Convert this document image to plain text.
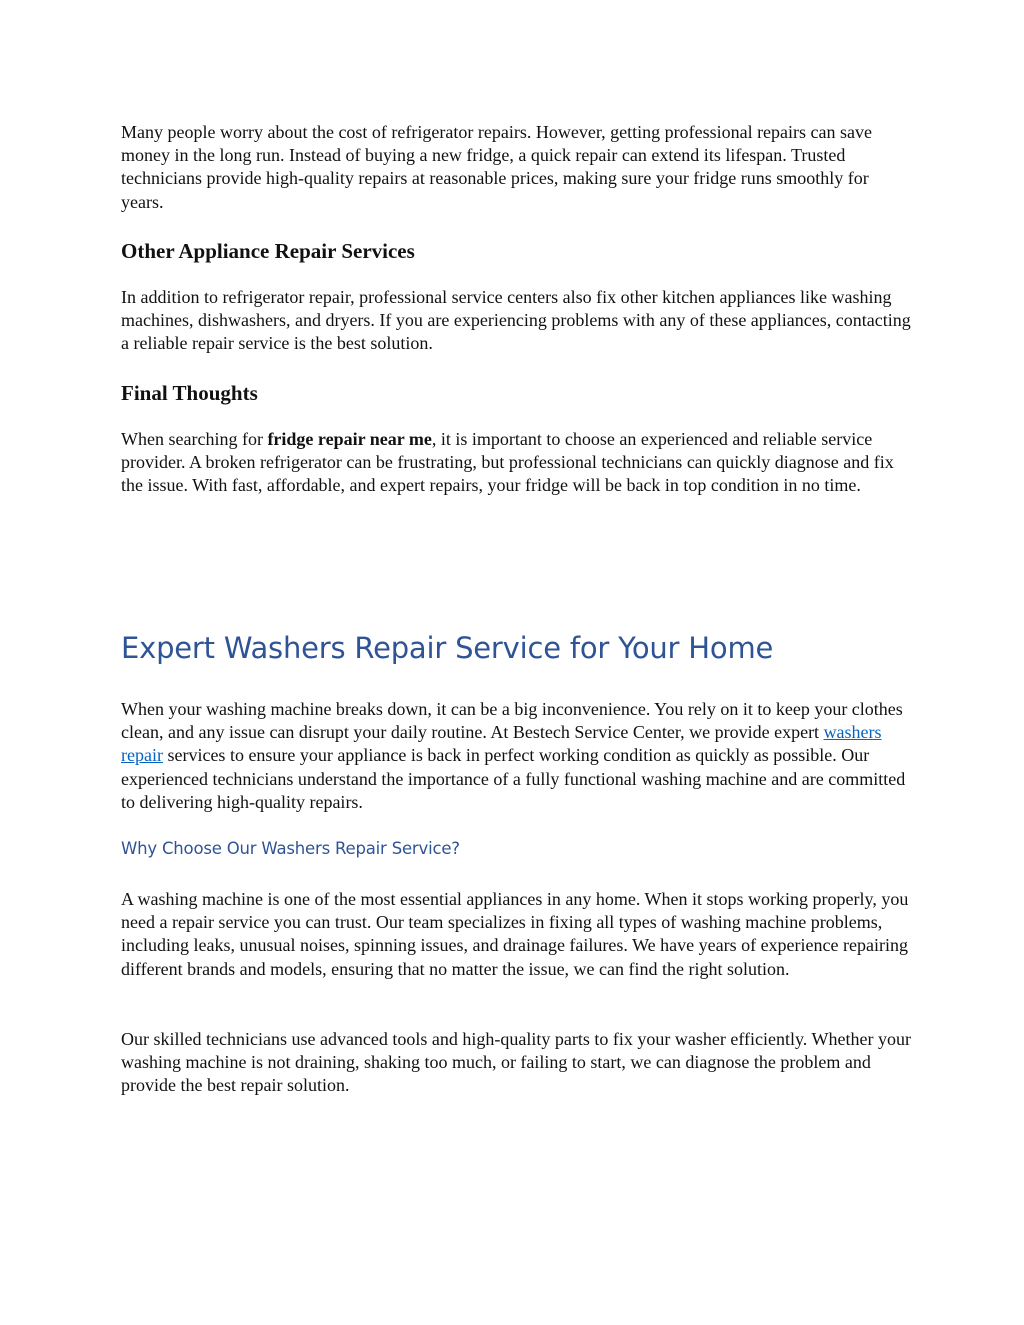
Many people worry about the cost of refrigerator repairs. However, getting professional repairs can save money in the long run. Instead of buying a new fridge, a quick repair can extend its lifespan. Trusted technicians provide high-quality repairs at reasonable prices, making sure your fridge runs smoothly for years.

Other Appliance Repair Services

In addition to refrigerator repair, professional service centers also fix other kitchen appliances like washing machines, dishwashers, and dryers. If you are experiencing problems with any of these appliances, contacting a reliable repair service is the best solution.

Final Thoughts

When searching for fridge repair near me, it is important to choose an experienced and reliable service provider. A broken refrigerator can be frustrating, but professional technicians can quickly diagnose and fix the issue. With fast, affordable, and expert repairs, your fridge will be back in top condition in no time.

Expert Washers Repair Service for Your Home

When your washing machine breaks down, it can be a big inconvenience. You rely on it to keep your clothes clean, and any issue can disrupt your daily routine. At Bestech Service Center, we provide expert washers repair services to ensure your appliance is back in perfect working condition as quickly as possible. Our experienced technicians understand the importance of a fully functional washing machine and are committed to delivering high-quality repairs.

Why Choose Our Washers Repair Service?

A washing machine is one of the most essential appliances in any home. When it stops working properly, you need a repair service you can trust. Our team specializes in fixing all types of washing machine problems, including leaks, unusual noises, spinning issues, and drainage failures. We have years of experience repairing different brands and models, ensuring that no matter the issue, we can find the right solution.

Our skilled technicians use advanced tools and high-quality parts to fix your washer efficiently. Whether your washing machine is not draining, shaking too much, or failing to start, we can diagnose the problem and provide the best repair solution.
